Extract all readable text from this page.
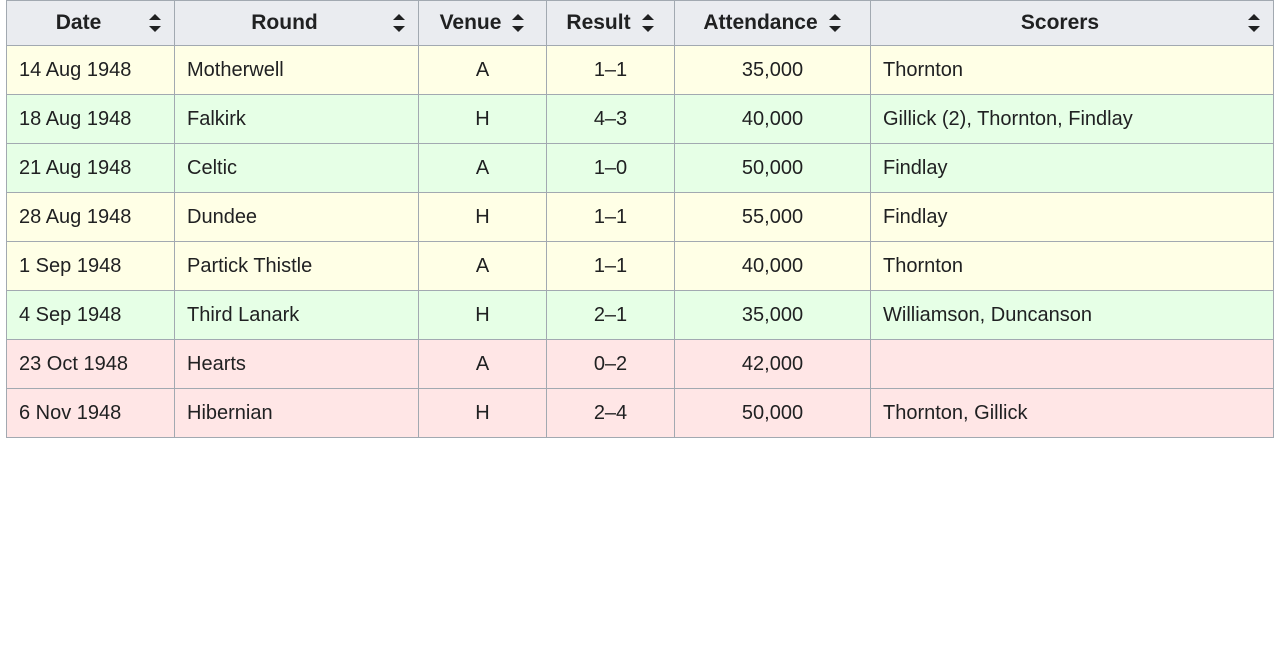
Date	Round	Venue	Result	Attendance	Scorers

14 Aug 1948	Motherwell	A	1–1	35,000	Thornton
18 Aug 1948	Falkirk	H	4–3	40,000	Gillick (2), Thornton, Findlay
21 Aug 1948	Celtic	A	1–0	50,000	Findlay
28 Aug 1948	Dundee	H	1–1	55,000	Findlay
1 Sep 1948	Partick Thistle	A	1–1	40,000	Thornton
4 Sep 1948	Third Lanark	H	2–1	35,000	Williamson, Duncanson
23 Oct 1948	Hearts	A	0–2	42,000	
6 Nov 1948	Hibernian	H	2–4	50,000	Thornton, Gillick
